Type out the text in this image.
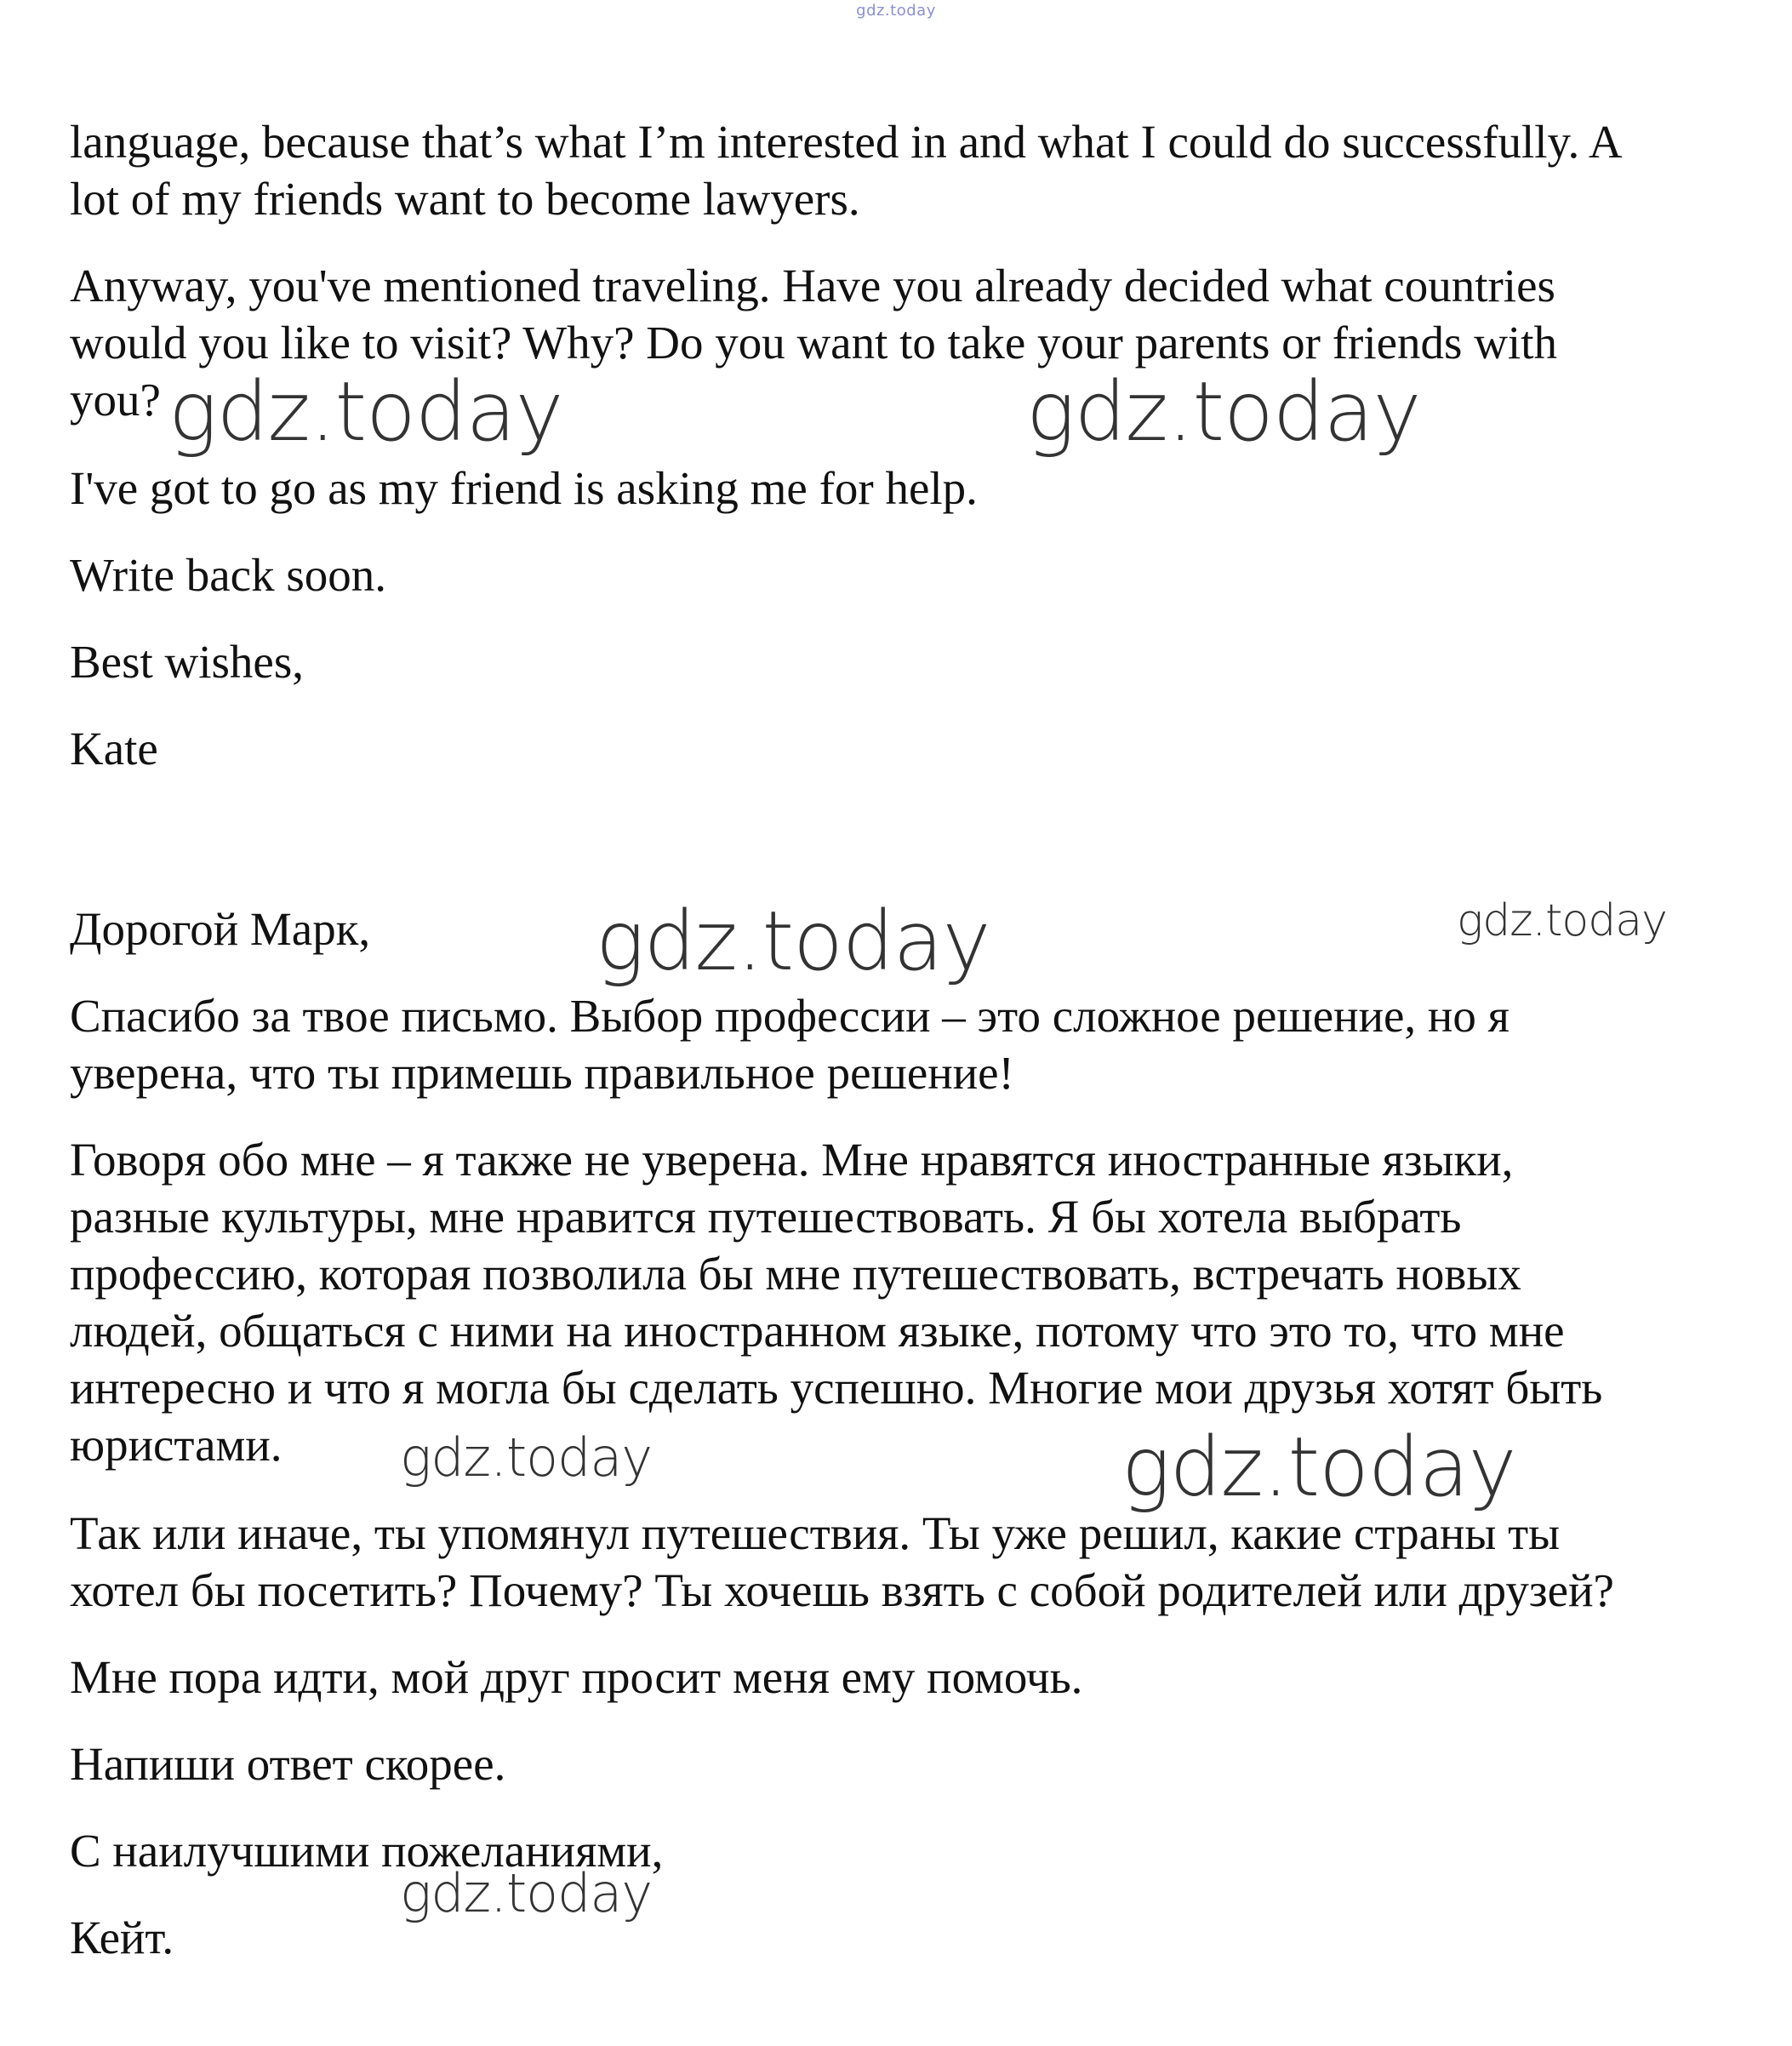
gdz.today

language, because that’s what I’m interested in and what I could do successfully. A
lot of my friends want to become lawyers.

Anyway, you've mentioned traveling. Have you already decided what countries
would you like to visit? Why? Do you want to take your parents or friends with
you?

I've got to go as my friend is asking me for help.

Write back soon.

Best wishes,

Kate

Дорогой Марк,

Спасибо за твое письмо. Выбор профессии – это сложное решение, но я
уверена, что ты примешь правильное решение!

Говоря обо мне – я также не уверена. Мне нравятся иностранные языки,
разные культуры, мне нравится путешествовать. Я бы хотела выбрать
профессию, которая позволила бы мне путешествовать, встречать новых
людей, общаться с ними на иностранном языке, потому что это то, что мне
интересно и что я могла бы сделать успешно. Многие мои друзья хотят быть
юристами.

Так или иначе, ты упомянул путешествия. Ты уже решил, какие страны ты
хотел бы посетить? Почему? Ты хочешь взять с собой родителей или друзей?

Мне пора идти, мой друг просит меня ему помочь.

Напиши ответ скорее.

С наилучшими пожеланиями,

Кейт.

gdz.today	gdz.today
gdz.today	gdz.today
gdz.today	gdz.today
gdz.today
